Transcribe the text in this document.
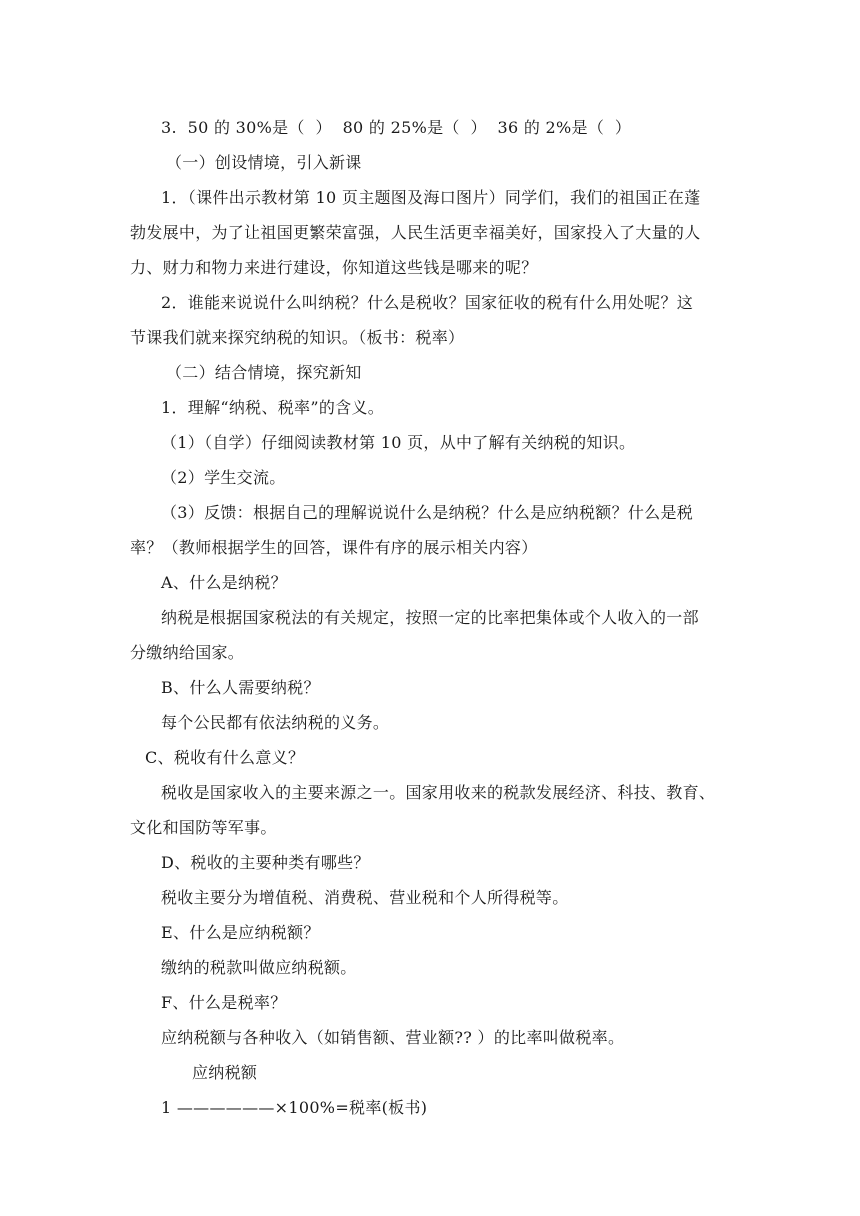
3.  50 的 30%是（  ）  80 的 25%是（  ）  36 的 2%是（  ）
（一）创设情境，引入新课
1．（课件出示教材第 10 页主题图及海口图片）同学们，我们的祖国正在蓬
勃发展中，为了让祖国更繁荣富强，人民生活更幸福美好，国家投入了大量的人
力、财力和物力来进行建设，你知道这些钱是哪来的呢？
2．谁能来说说什么叫纳税？什么是税收？国家征收的税有什么用处呢？这
节课我们就来探究纳税的知识。（板书：税率）
（二）结合情境，探究新知
1．理解“纳税、税率”的含义。
（1）（自学）仔细阅读教材第 10 页，从中了解有关纳税的知识。
（2）学生交流。
（3）反馈：根据自己的理解说说什么是纳税？什么是应纳税额？什么是税
率？（教师根据学生的回答，课件有序的展示相关内容）
A、什么是纳税？
纳税是根据国家税法的有关规定，按照一定的比率把集体或个人收入的一部
分缴纳给国家。
B、什么人需要纳税？
每个公民都有依法纳税的义务。
C、税收有什么意义？
税收是国家收入的主要来源之一。国家用收来的税款发展经济、科技、教育、
文化和国防等军事。
D、税收的主要种类有哪些？
税收主要分为增值税、消费税、营业税和个人所得税等。
E、什么是应纳税额？
缴纳的税款叫做应纳税额。
F、什么是税率？
应纳税额与各种收入（如销售额、营业额?? ）的比率叫做税率。
应纳税额
1 ——————×100%=税率(板书)
